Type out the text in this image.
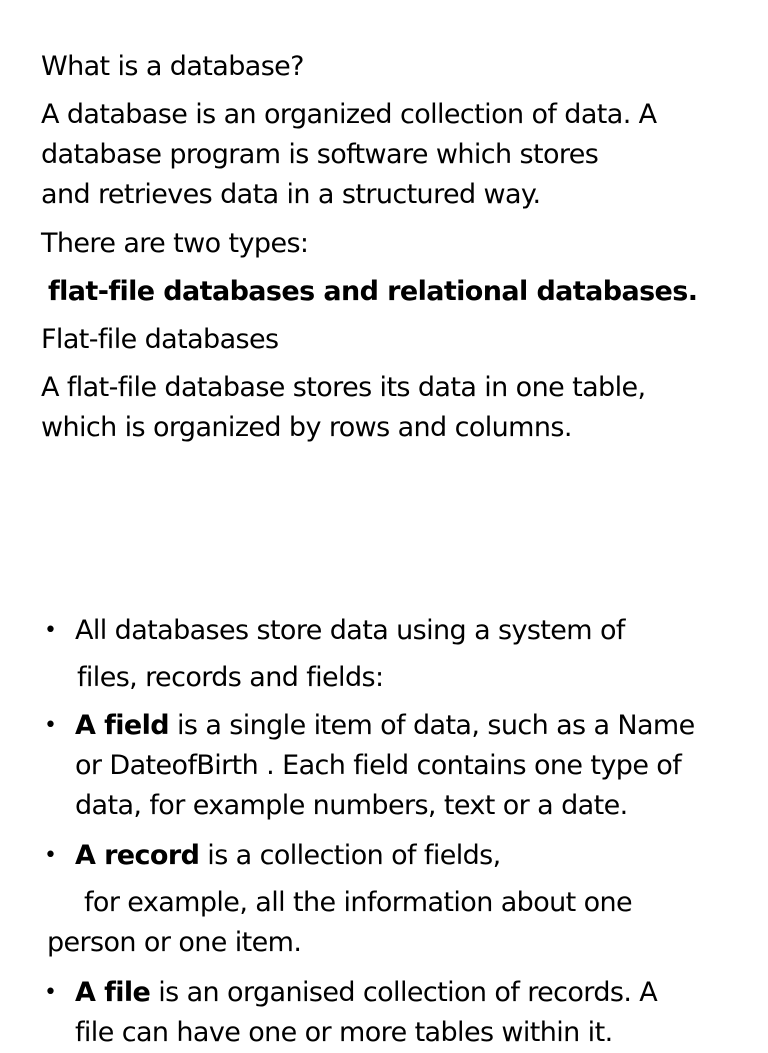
What is a database?

A database is an organized collection of data. A
database program is software which stores
and retrieves data in a structured way.

There are two types:

flat-file databases and relational databases.

Flat-file databases

A flat-file database stores its data in one table,
which is organized by rows and columns.
• All databases store data using a system of
files, records and fields:
• A field is a single item of data, such as a Name
or DateofBirth . Each field contains one type of
data, for example numbers, text or a date.
• A record is a collection of fields,
for example, all the information about one
person or one item.
• A file is an organised collection of records. A
file can have one or more tables within it.
